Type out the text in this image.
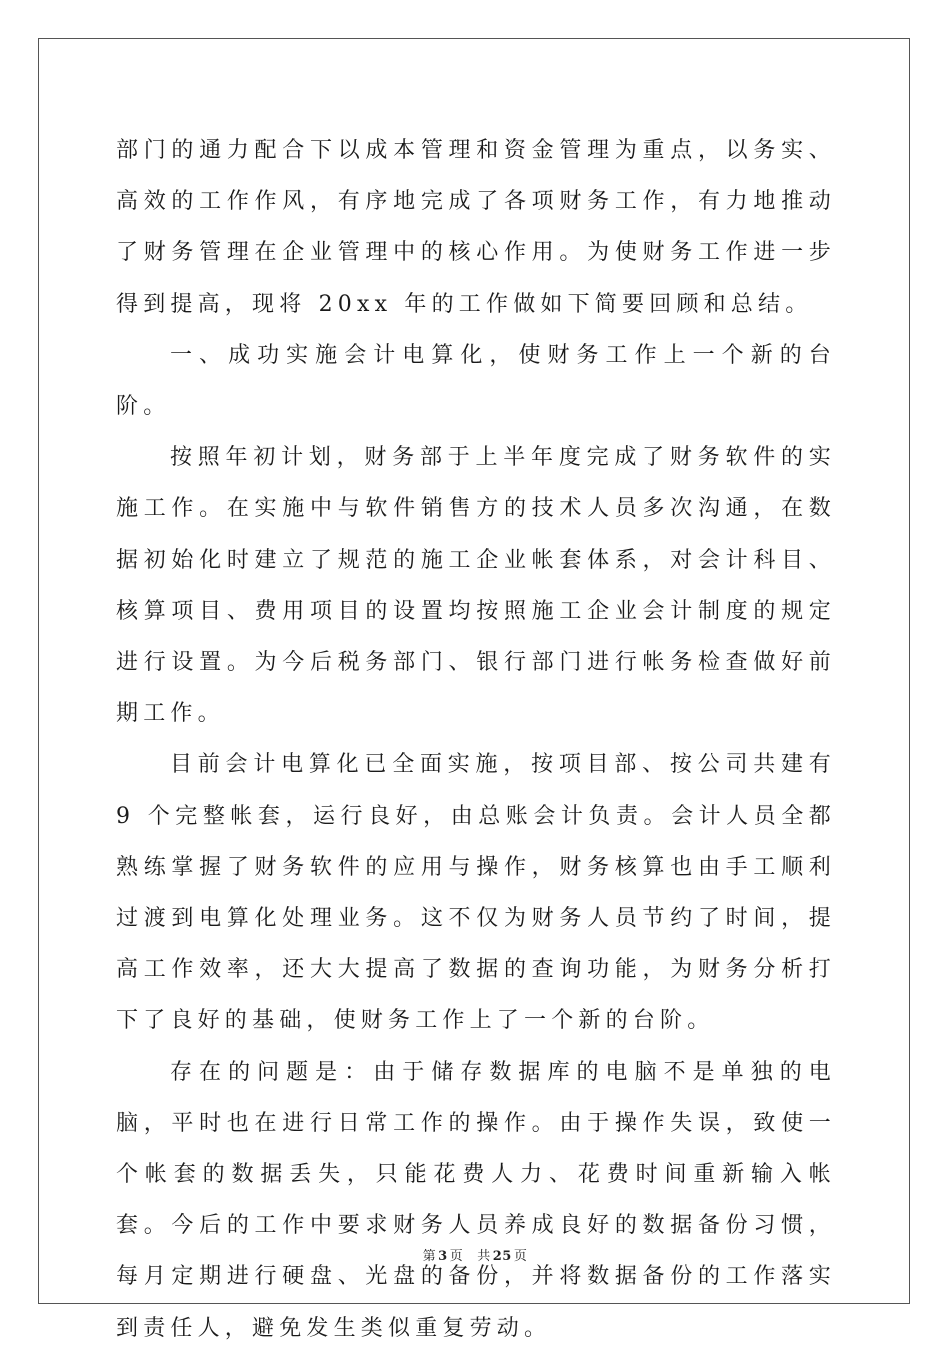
部门的通力配合下以成本管理和资金管理为重点，以务实、高效的工作作风，有序地完成了各项财务工作，有力地推动了财务管理在企业管理中的核心作用。为使财务工作进一步得到提高，现将 20xx 年的工作做如下简要回顾和总结。

一、成功实施会计电算化，使财务工作上一个新的台阶。

按照年初计划，财务部于上半年度完成了财务软件的实施工作。在实施中与软件销售方的技术人员多次沟通，在数据初始化时建立了规范的施工企业帐套体系，对会计科目、核算项目、费用项目的设置均按照施工企业会计制度的规定进行设置。为今后税务部门、银行部门进行帐务检查做好前期工作。

目前会计电算化已全面实施，按项目部、按公司共建有 9 个完整帐套，运行良好，由总账会计负责。会计人员全都熟练掌握了财务软件的应用与操作，财务核算也由手工顺利过渡到电算化处理业务。这不仅为财务人员节约了时间，提高工作效率，还大大提高了数据的查询功能，为财务分析打下了良好的基础，使财务工作上了一个新的台阶。

存在的问题是：由于储存数据库的电脑不是单独的电脑，平时也在进行日常工作的操作。由于操作失误，致使一个帐套的数据丢失，只能花费人力、花费时间重新输入帐套。今后的工作中要求财务人员养成良好的数据备份习惯，每月定期进行硬盘、光盘的备份，并将数据备份的工作落实到责任人，避免发生类似重复劳动。

第 3 页 共 25 页
